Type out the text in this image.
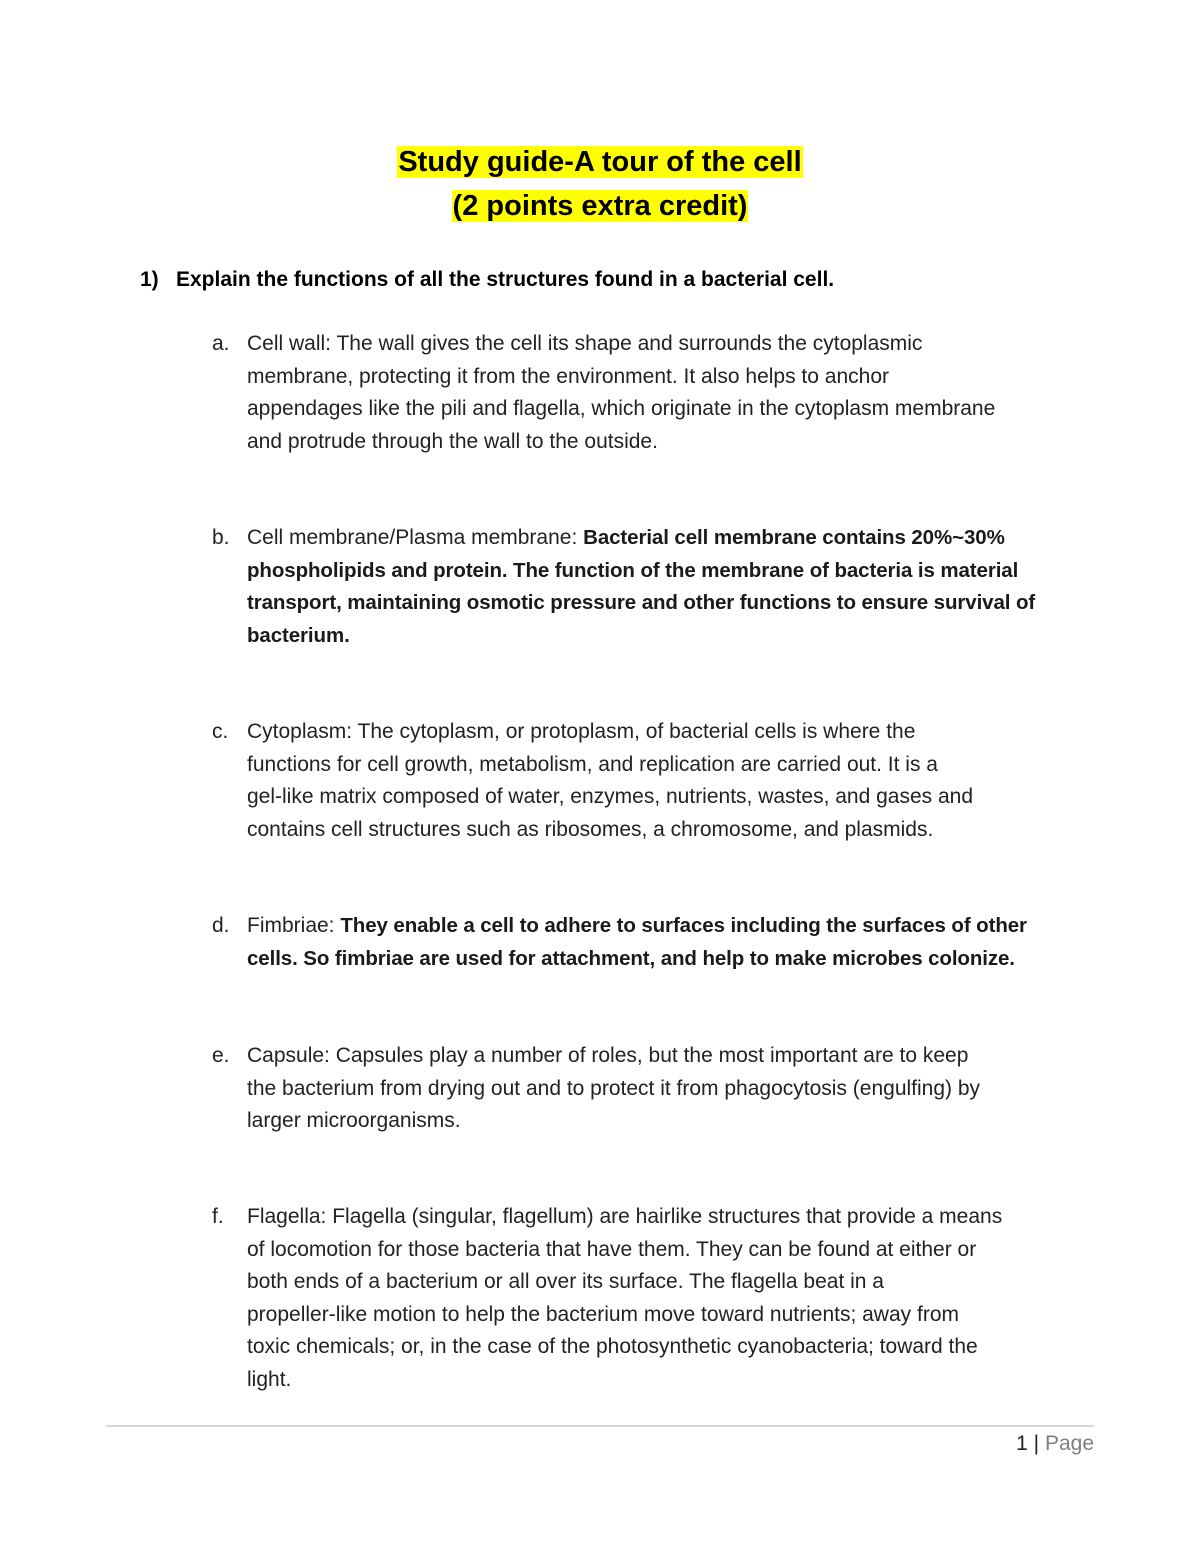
Study guide-A tour of the cell
(2 points extra credit)
1) Explain the functions of all the structures found in a bacterial cell.
a. Cell wall: The wall gives the cell its shape and surrounds the cytoplasmic
membrane, protecting it from the environment. It also helps to anchor
appendages like the pili and flagella, which originate in the cytoplasm membrane
and protrude through the wall to the outside.
b. Cell membrane/Plasma membrane: Bacterial cell membrane contains 20%~30%
phospholipids and protein. The function of the membrane of bacteria is material
transport, maintaining osmotic pressure and other functions to ensure survival of
bacterium.
c. Cytoplasm: The cytoplasm, or protoplasm, of bacterial cells is where the
functions for cell growth, metabolism, and replication are carried out. It is a
gel-like matrix composed of water, enzymes, nutrients, wastes, and gases and
contains cell structures such as ribosomes, a chromosome, and plasmids.
d. Fimbriae: They enable a cell to adhere to surfaces including the surfaces of other
cells. So fimbriae are used for attachment, and help to make microbes colonize.
e. Capsule: Capsules play a number of roles, but the most important are to keep
the bacterium from drying out and to protect it from phagocytosis (engulfing) by
larger microorganisms.
f.	Flagella: Flagella (singular, flagellum) are hairlike structures that provide a means
of locomotion for those bacteria that have them. They can be found at either or
both ends of a bacterium or all over its surface. The flagella beat in a
propeller-like motion to help the bacterium move toward nutrients; away from
toxic chemicals; or, in the case of the photosynthetic cyanobacteria; toward the
light.
1 | Page
